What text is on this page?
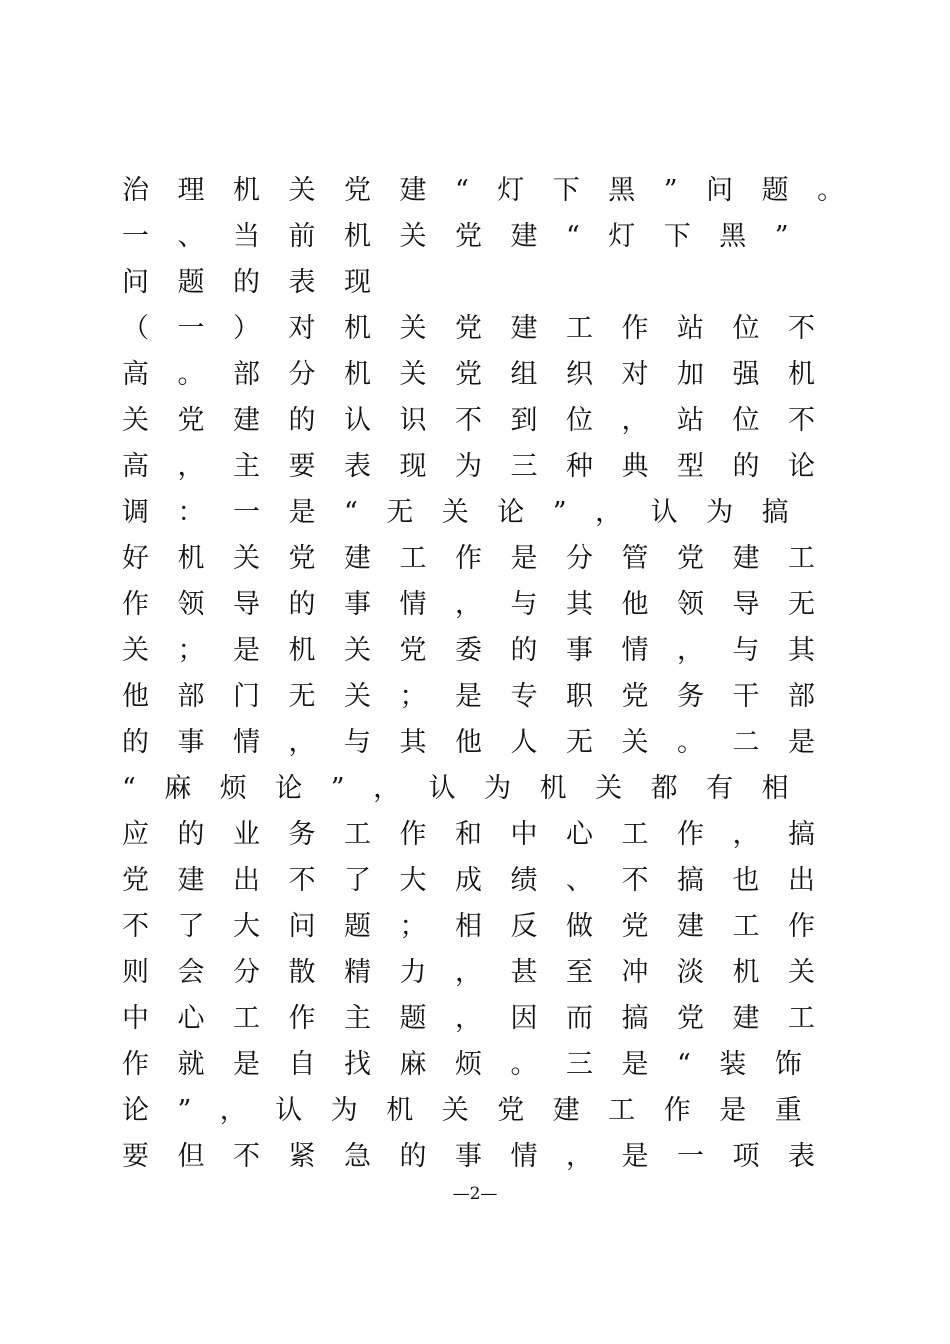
治理机关党建“灯下黑”问题。
一、当前机关党建“灯下黑”
问题的表现
（一）对机关党建工作站位不
高。部分机关党组织对加强机
关党建的认识不到位，站位不
高，主要表现为三种典型的论
调：一是“无关论”，认为搞
好机关党建工作是分管党建工
作领导的事情，与其他领导无
关；是机关党委的事情，与其
他部门无关；是专职党务干部
的事情，与其他人无关。二是
“麻烦论”，认为机关都有相
应的业务工作和中心工作，搞
党建出不了大成绩、不搞也出
不了大问题；相反做党建工作
则会分散精力，甚至冲淡机关
中心工作主题，因而搞党建工
作就是自找麻烦。三是“装饰
论”，认为机关党建工作是重
要但不紧急的事情，是一项表
—2—
